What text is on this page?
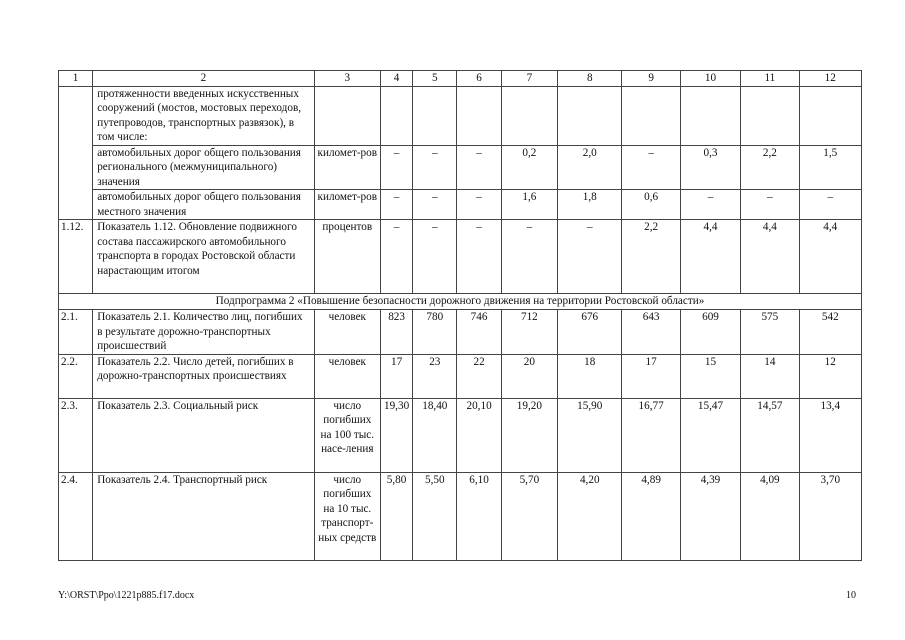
1	2	3	4	5	6	7	8	9	10	11	12
	протяженности введенных искусственных сооружений (мостов, мостовых переходов, путепроводов, транспортных развязок), в том числе:										
	автомобильных дорог общего пользования регионального (межмуниципального) значения	километ-ров	–	–	–	0,2	2,0	–	0,3	2,2	1,5
	автомобильных дорог общего пользования местного значения	километ-ров	–	–	–	1,6	1,8	0,6	–	–	–
1.12.	Показатель 1.12. Обновление подвижного состава пассажирского автомобильного транспорта в городах Ростовской области нарастающим итогом	процентов	–	–	–	–	–	2,2	4,4	4,4	4,4
Подпрограмма 2 «Повышение безопасности дорожного движения на территории Ростовской области»											
2.1.	Показатель 2.1. Количество лиц, погибших в результате дорожно-транспортных происшествий	человек	823	780	746	712	676	643	609	575	542
2.2.	Показатель 2.2. Число детей, погибших в дорожно-транспортных происшествиях	человек	17	23	22	20	18	17	15	14	12
2.3.	Показатель 2.3. Социальный риск	число погибших на 100 тыс. насе-ления	19,30	18,40	20,10	19,20	15,90	16,77	15,47	14,57	13,4
2.4.	Показатель 2.4. Транспортный риск	число погибших на 10 тыс. транспорт-ных средств	5,80	5,50	6,10	5,70	4,20	4,89	4,39	4,09	3,70
Y:\ORST\Ppo\1221p885.f17.docx	10
